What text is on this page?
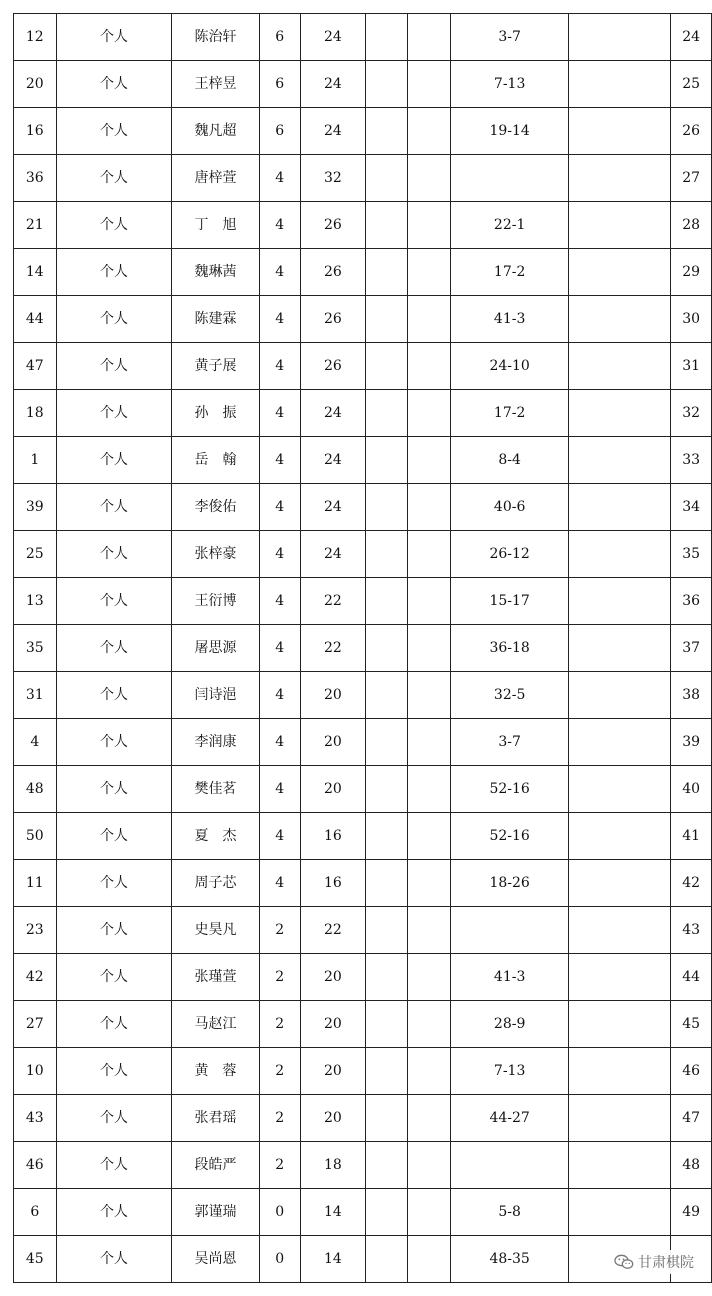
12	个人	陈治轩	6	24			3-7		24
20	个人	王梓昱	6	24			7-13		25
16	个人	魏凡超	6	24			19-14		26
36	个人	唐梓萱	4	32					27
21	个人	丁　旭	4	26			22-1		28
14	个人	魏琳茜	4	26			17-2		29
44	个人	陈建霖	4	26			41-3		30
47	个人	黄子展	4	26			24-10		31
18	个人	孙　振	4	24			17-2		32
1	个人	岳　翰	4	24			8-4		33
39	个人	李俊佑	4	24			40-6		34
25	个人	张梓豪	4	24			26-12		35
13	个人	王衍博	4	22			15-17		36
35	个人	屠思源	4	22			36-18		37
31	个人	闫诗浥	4	20			32-5		38
4	个人	李润康	4	20			3-7		39
48	个人	樊佳茗	4	20			52-16		40
50	个人	夏　杰	4	16			52-16		41
11	个人	周子芯	4	16			18-26		42
23	个人	史昊凡	2	22					43
42	个人	张瑾萱	2	20			41-3		44
27	个人	马赵江	2	20			28-9		45
10	个人	黄　蓉	2	20			7-13		46
43	个人	张君瑶	2	20			44-27		47
46	个人	段皓严	2	18					48
6	个人	郭谨瑞	0	14			5-8		49
45	个人	吴尚恩	0	14			48-35			甘肃棋院
